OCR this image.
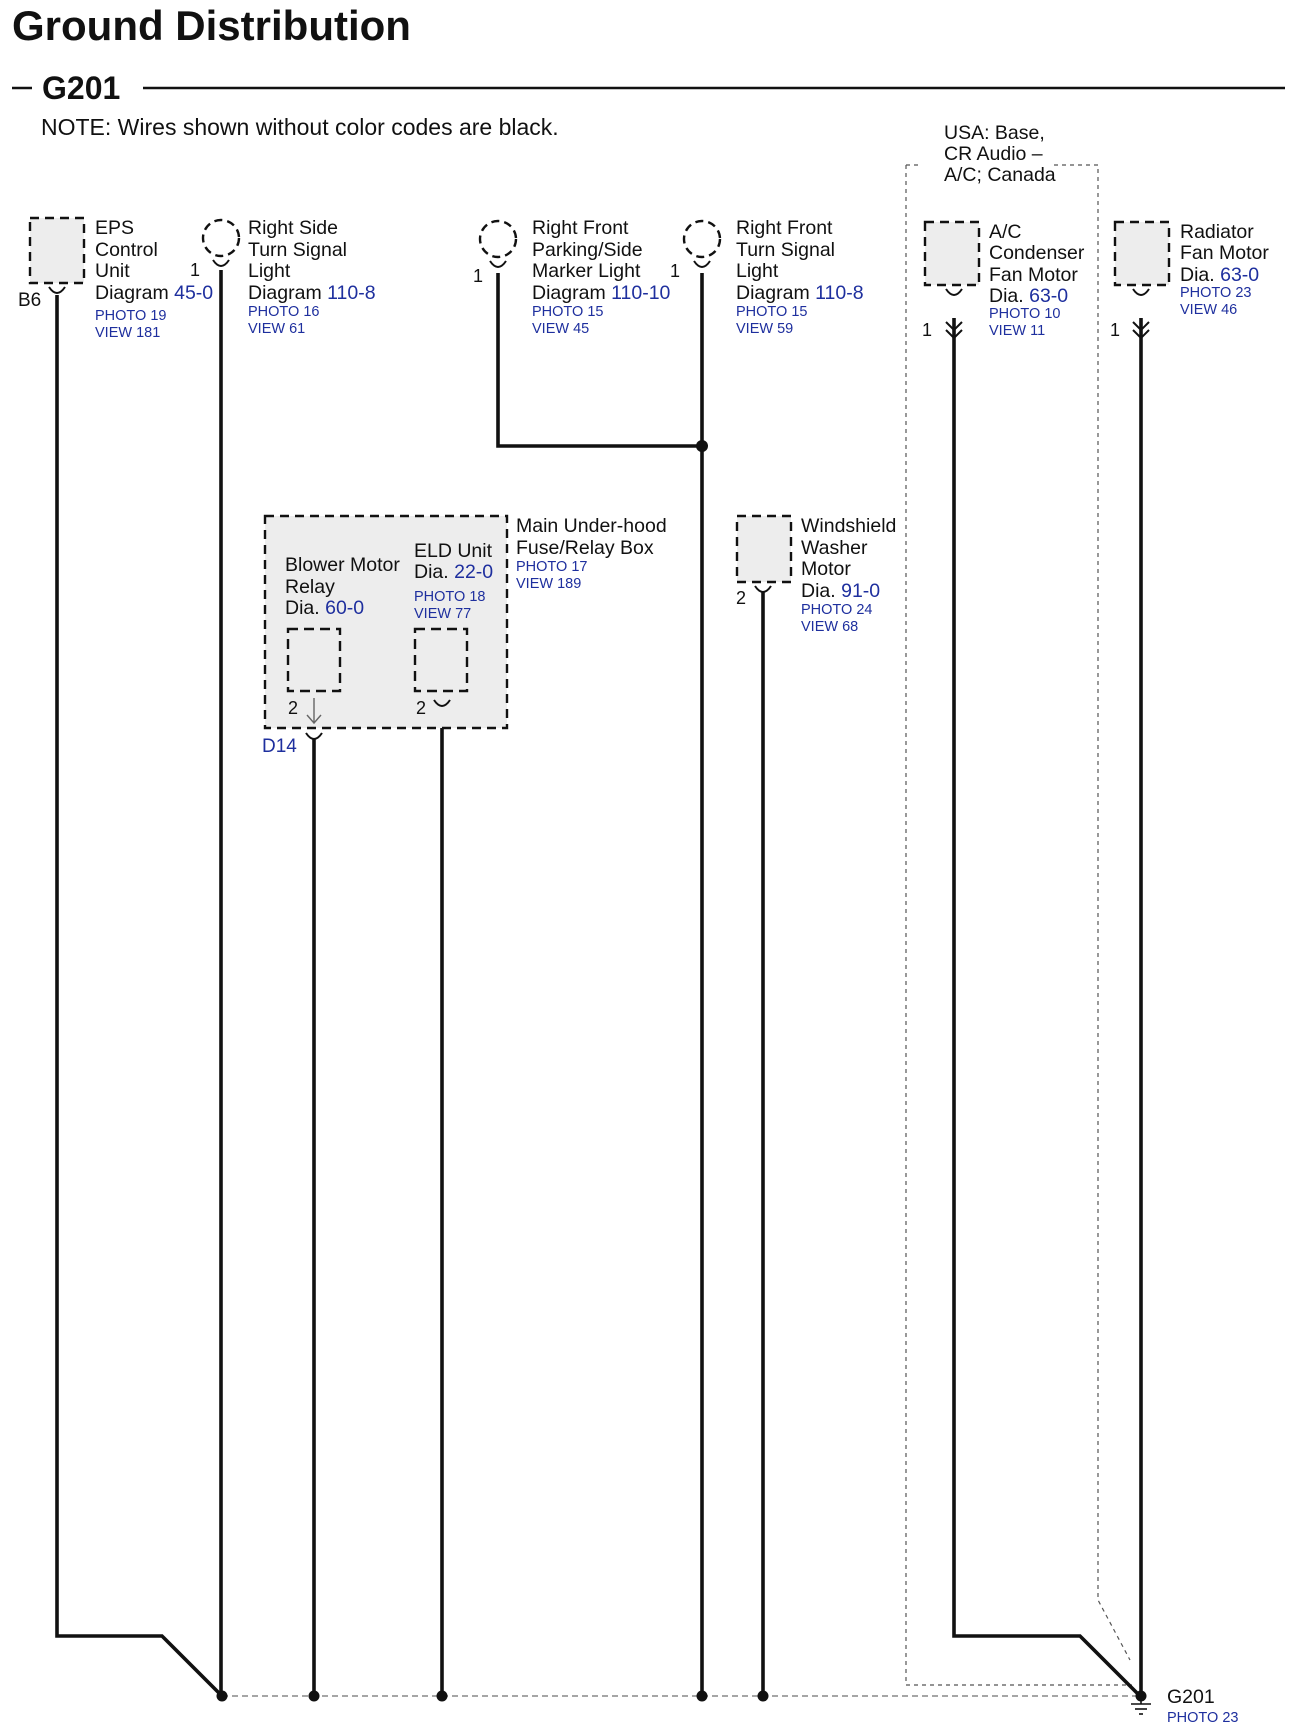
Ground Distribution
G201
NOTE: Wires shown without color codes are black.	USA: Base,
CR Audio –
A/C; Canada
B6
EPS
Control
Unit
Diagram 45-0
PHOTO 19
VIEW 181
1
Right Side
Turn Signal
Light
Diagram 110-8
PHOTO 16
VIEW 61
1
Right Front
Parking/Side
Marker Light
Diagram 110-10
PHOTO 15
VIEW 45
1
Right Front
Turn Signal
Light
Diagram 110-8
PHOTO 15
VIEW 59	1
A/C
Condenser
Fan Motor
Dia. 63-0
PHOTO 10
VIEW 11	1
Radiator
Fan Motor
Dia. 63-0
PHOTO 23
VIEW 46
Main Under-hood
Fuse/Relay Box
PHOTO 17
VIEW 189
D14
Blower Motor
Relay
Dia. 60-0
2
ELD Unit
Dia. 22-0
PHOTO 18
VIEW 77
2
2
Windshield
Washer
Motor
Dia. 91-0
PHOTO 24
VIEW 68
G201
PHOTO 23
